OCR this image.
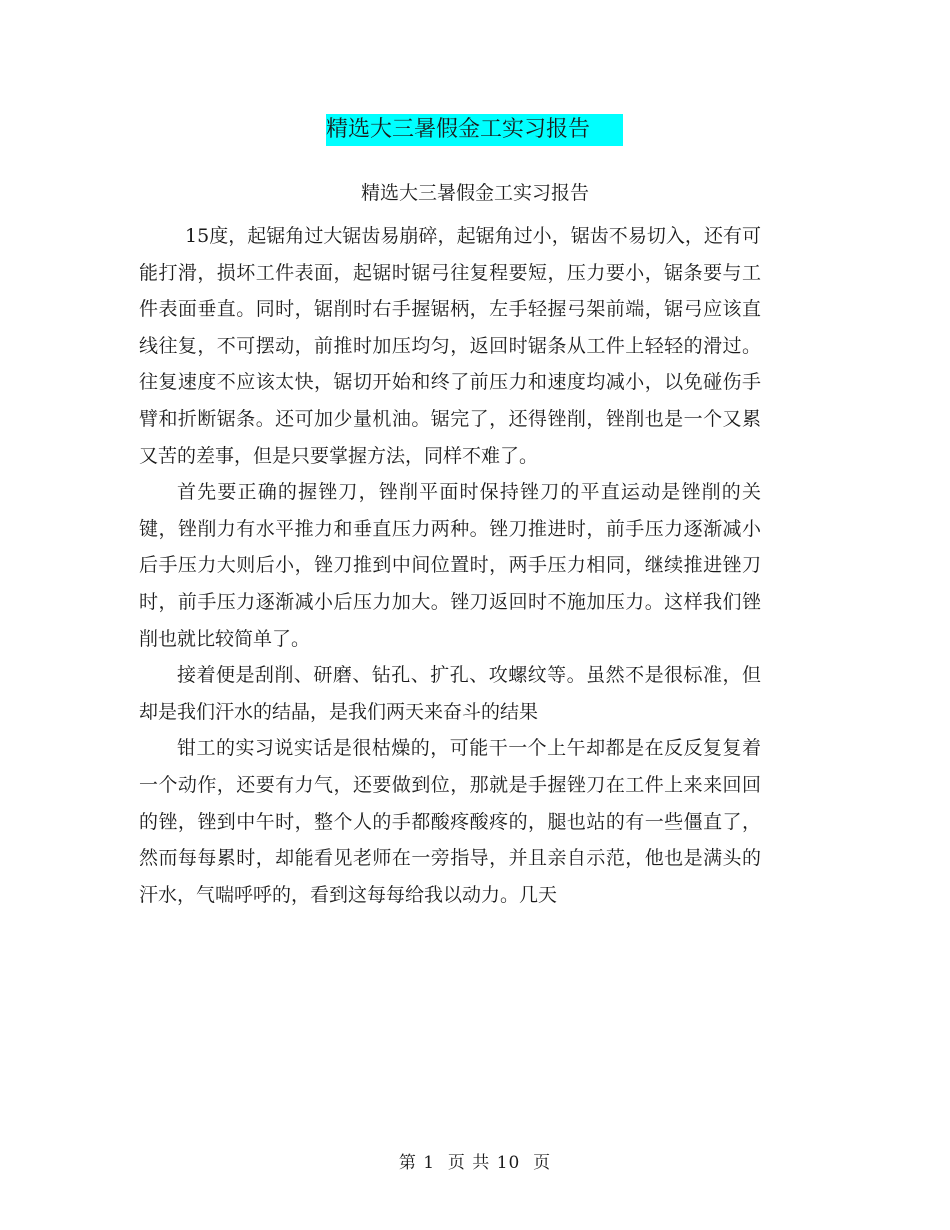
精选大三暑假金工实习报告
精选大三暑假金工实习报告

15度，起锯角过大锯齿易崩碎，起锯角过小，锯齿不易切入，还有可能打滑，损坏工件表面，起锯时锯弓往复程要短，压力要小，锯条要与工件表面垂直。同时，锯削时右手握锯柄，左手轻握弓架前端，锯弓应该直线往复，不可摆动，前推时加压均匀，返回时锯条从工件上轻轻的滑过。往复速度不应该太快，锯切开始和终了前压力和速度均减小，以免碰伤手臂和折断锯条。还可加少量机油。锯完了，还得锉削，锉削也是一个又累又苦的差事，但是只要掌握方法，同样不难了。

首先要正确的握锉刀，锉削平面时保持锉刀的平直运动是锉削的关键，锉削力有水平推力和垂直压力两种。锉刀推进时，前手压力逐渐减小后手压力大则后小，锉刀推到中间位置时，两手压力相同，继续推进锉刀时，前手压力逐渐减小后压力加大。锉刀返回时不施加压力。这样我们锉削也就比较简单了。

接着便是刮削、研磨、钻孔、扩孔、攻螺纹等。虽然不是很标准，但却是我们汗水的结晶，是我们两天来奋斗的结果

钳工的实习说实话是很枯燥的，可能干一个上午却都是在反反复复着一个动作，还要有力气，还要做到位，那就是手握锉刀在工件上来来回回的锉，锉到中午时，整个人的手都酸疼酸疼的，腿也站的有一些僵直了，然而每每累时，却能看见老师在一旁指导，并且亲自示范，他也是满头的汗水，气喘呼呼的，看到这每每给我以动力。几天

第 1  页 共 10  页
